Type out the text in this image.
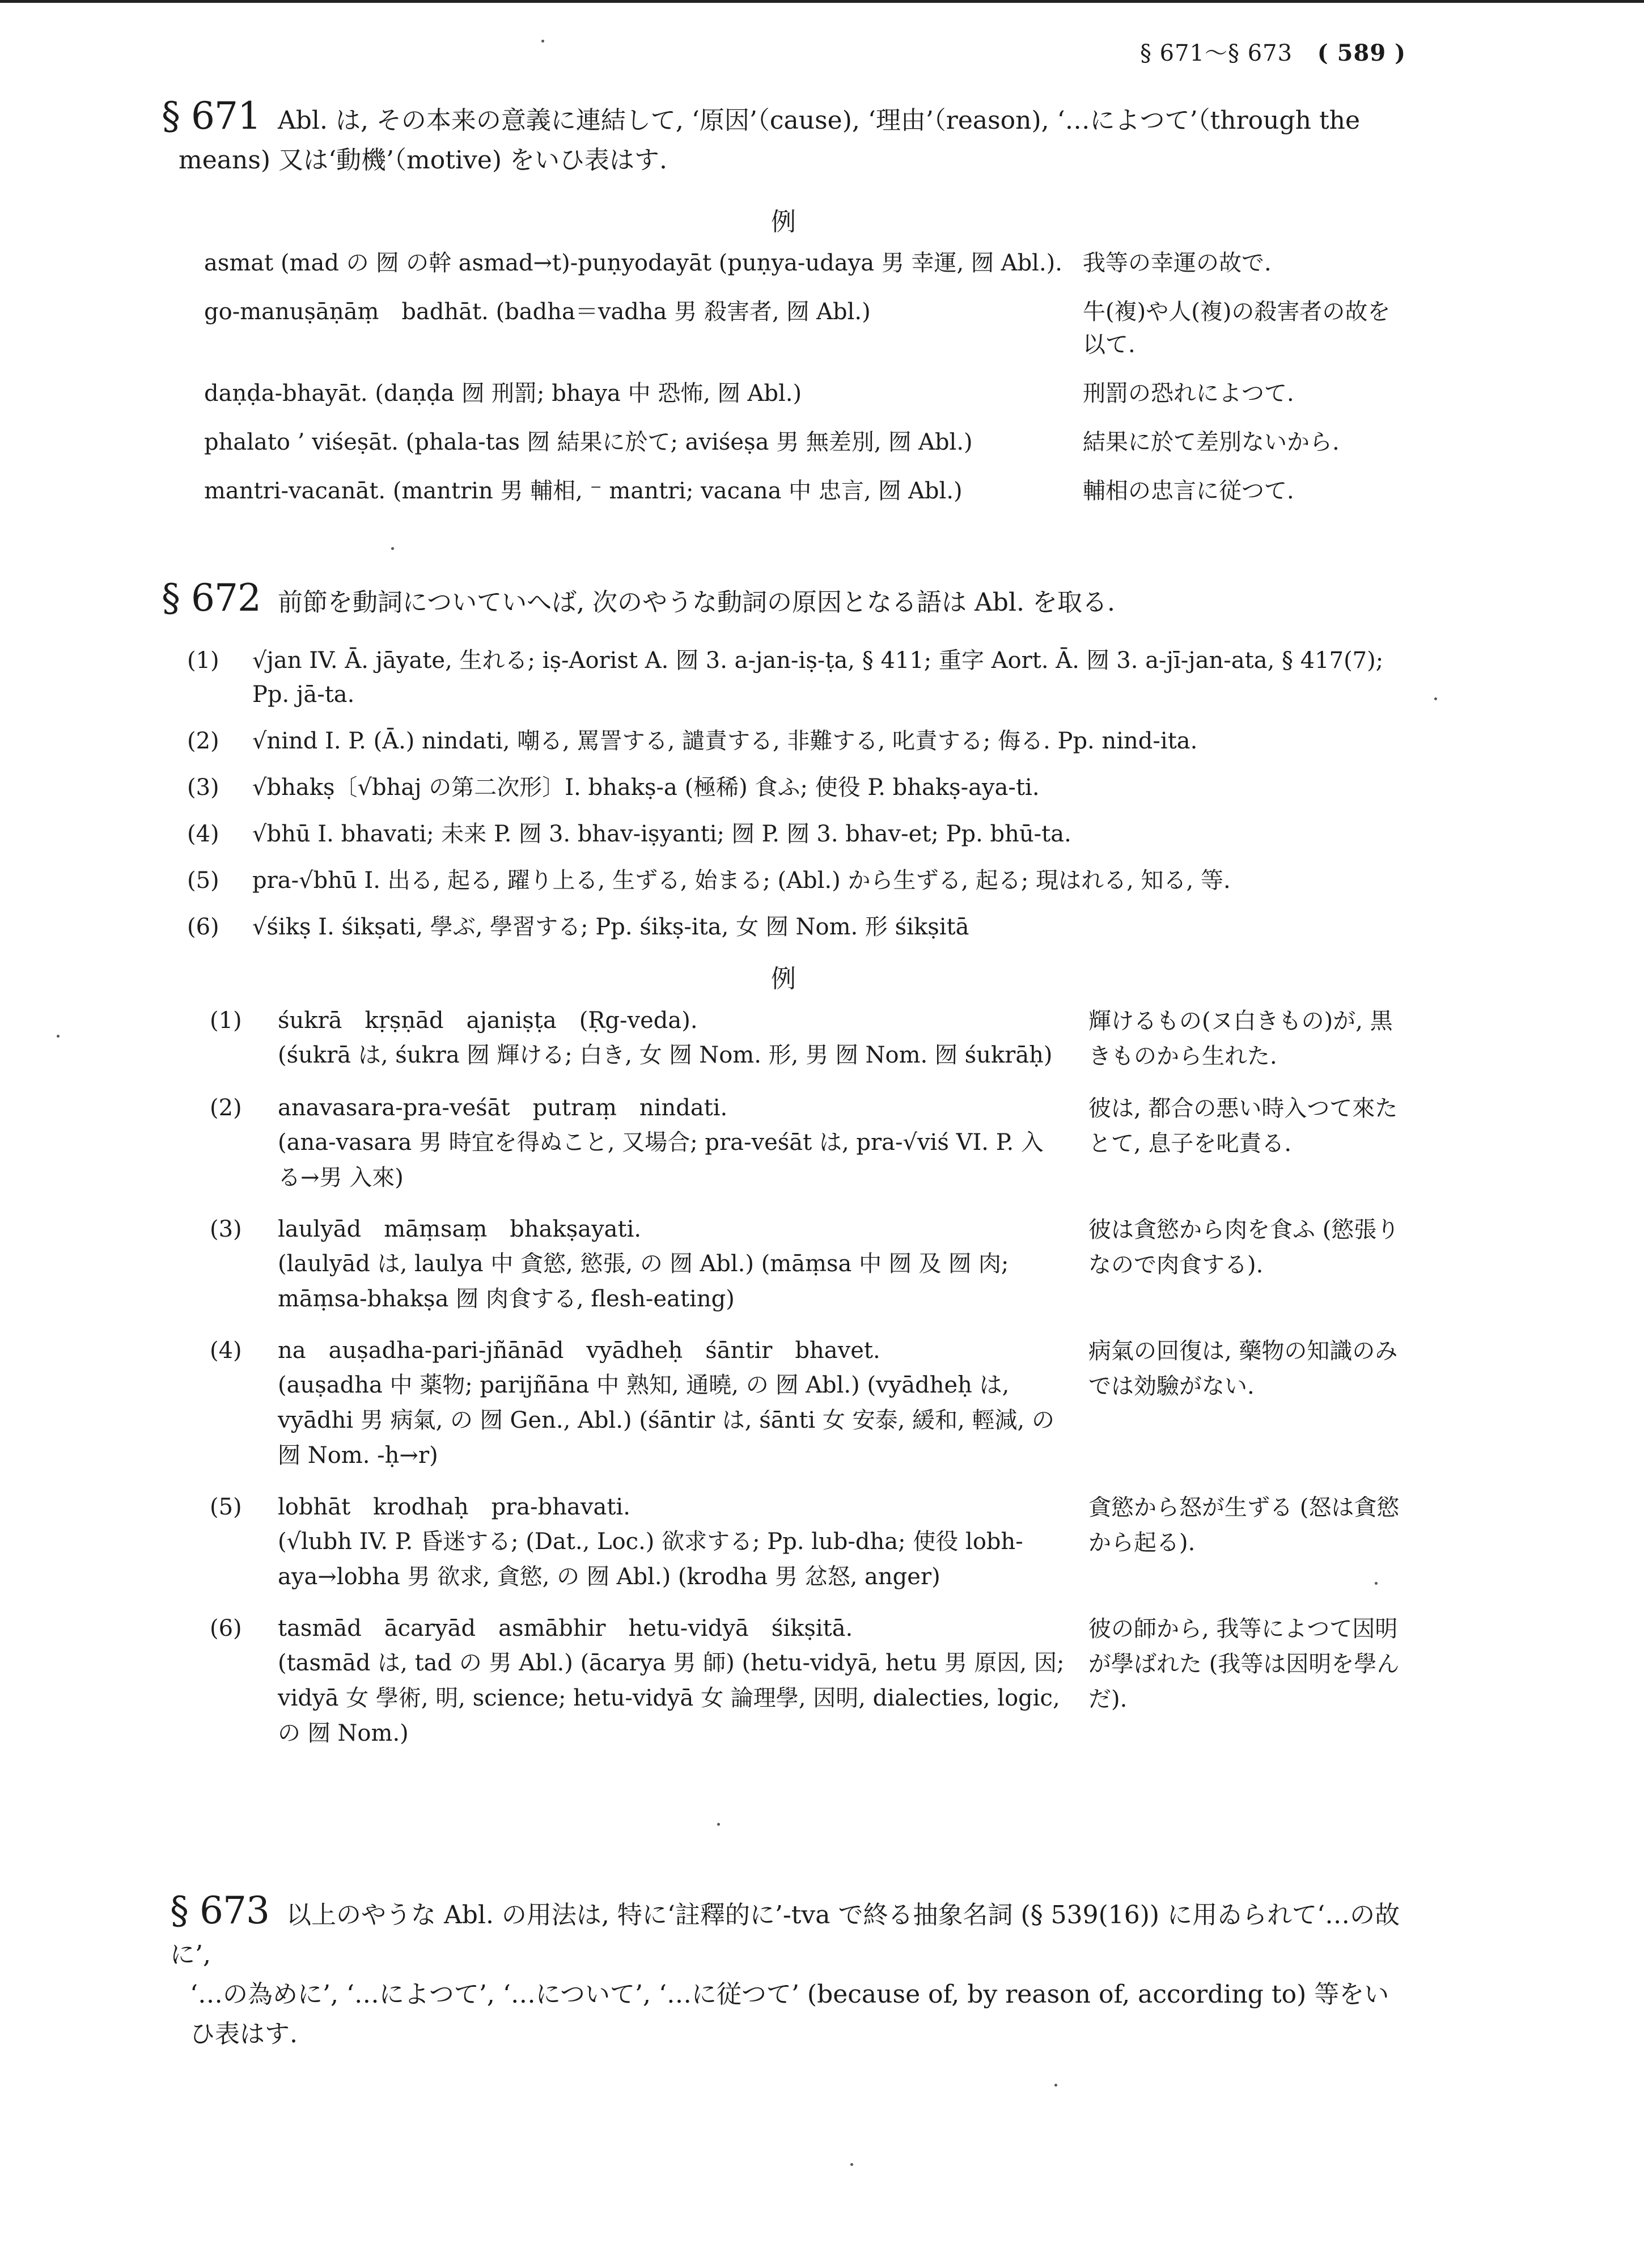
§ 671～§ 673 ( 589 )
§ 671 Abl. は, その本来の意義に連結して, ‘原因’（cause), ‘理由’（reason), ‘…によつて’（through the
means) 又は‘動機’（motive) をいひ表はす.
例
asmat (mad の 囫 の幹 asmad→t)-puṇyodayāt (puṇya-udaya 男 幸運, 囫 Abl.). 我等の幸運の故で.
go-manuṣāṇāṃ　badhāt. (badha＝vadha 男 殺害者, 囫 Abl.)	牛(複)や人(複)の殺害者の故を以て.
daṇḍa-bhayāt. (daṇḍa 囫 刑罰; bhaya 中 恐怖, 囫 Abl.)	刑罰の恐れによつて.
phalato ’ viśeṣāt. (phala-tas 囫 結果に於て; aviśeṣa 男 無差別, 囫 Abl.)	結果に於て差別ないから.
mantri-vacanāt. (mantrin 男 輔相, ⁻ mantri; vacana 中 忠言, 囫 Abl.)	輔相の忠言に従つて.
§ 672 前節を動詞についていへば, 次のやうな動詞の原因となる語は Abl. を取る.
(1)	√jan IV. Ā. jāyate, 生れる; iṣ-Aorist A. 囫 3. a-jan-iṣ-ṭa, § 411; 重字 Aort. Ā. 囫 3. a-jī-jan-ata, § 417(7); Pp. jā-ta.
(2)	√nind I. P. (Ā.) nindati, 嘲る, 罵詈する, 譴責する, 非難する, 叱責する; 侮る. Pp. nind-ita.
(3)	√bhakṣ〔√bhaj の第二次形〕I. bhakṣ-a (極稀) 食ふ; 使役 P. bhakṣ-aya-ti.
(4)	√bhū I. bhavati; 未来 P. 囫 3. bhav-iṣyanti; 囫 P. 囫 3. bhav-et; Pp. bhū-ta.
(5)	pra-√bhū I. 出る, 起る, 躍り上る, 生ずる, 始まる; (Abl.) から生ずる, 起る; 現はれる, 知る, 等.
(6)	√śikṣ I. śikṣati, 學ぶ, 學習する; Pp. śikṣ-ita, 女 囫 Nom. 形 śikṣitā
例
(1)	śukrā　kṛṣṇād　ajaniṣṭa　(Ṛg-veda).
(śukrā は, śukra 囫 輝ける; 白き, 女 囫 Nom. 形, 男 囫 Nom. 囫 śukrāḥ)
輝けるもの(ヌ白きもの)が, 黒きものから生れた.
(2)	anavasara-pra-veśāt　putraṃ　nindati.
(ana-vasara 男 時宜を得ぬこと, 又場合; pra-veśāt は, pra-√viś VI. P. 入る→男 入來)
彼は, 都合の悪い時入つて來たとて, 息子を叱責る.
(3)	laulyād　māṃsaṃ　bhakṣayati.
(laulyād は, laulya 中 貪慾, 慾張, の 囫 Abl.) (māṃsa 中 囫 及 囫 肉; māṃsa-bhakṣa 囫 肉食する, flesh-eating)
彼は貪慾から肉を食ふ (慾張りなので肉食する).
(4)	na　auṣadha-pari-jñānād　vyādheḥ　śāntir　bhavet.
(auṣadha 中 薬物; parijñāna 中 熟知, 通曉, の 囫 Abl.) (vyādheḥ は, vyādhi 男 病氣, の 囫 Gen., Abl.) (śāntir は, śānti 女 安泰, 緩和, 輕減, の 囫 Nom. -ḥ→r)
病氣の回復は, 藥物の知識のみでは効驗がない.
(5)	lobhāt　krodhaḥ　pra-bhavati.
(√lubh IV. P. 昏迷する; (Dat., Loc.) 欲求する; Pp. lub-dha; 使役 lobh-aya→lobha 男 欲求, 貪慾, の 囫 Abl.) (krodha 男 忿怒, anger)
貪慾から怒が生ずる (怒は貪慾から起る).
(6)	tasmād　ācaryād　asmābhir　hetu-vidyā　śikṣitā.
(tasmād は, tad の 男 Abl.) (ācarya 男 師) (hetu-vidyā, hetu 男 原因, 因; vidyā 女 學術, 明, science; hetu-vidyā 女 論理學, 因明, dialecties, logic, の 囫 Nom.)
彼の師から, 我等によつて因明が學ばれた (我等は因明を學んだ).
§ 673 以上のやうな Abl. の用法は, 特に‘註釋的に’-tva で終る抽象名詞 (§ 539(16)) に用ゐられて‘…の故に’,
‘…の為めに’, ‘…によつて’, ‘…について’, ‘…に従つて’ (because of, by reason of, according to) 等をいひ表はす.
